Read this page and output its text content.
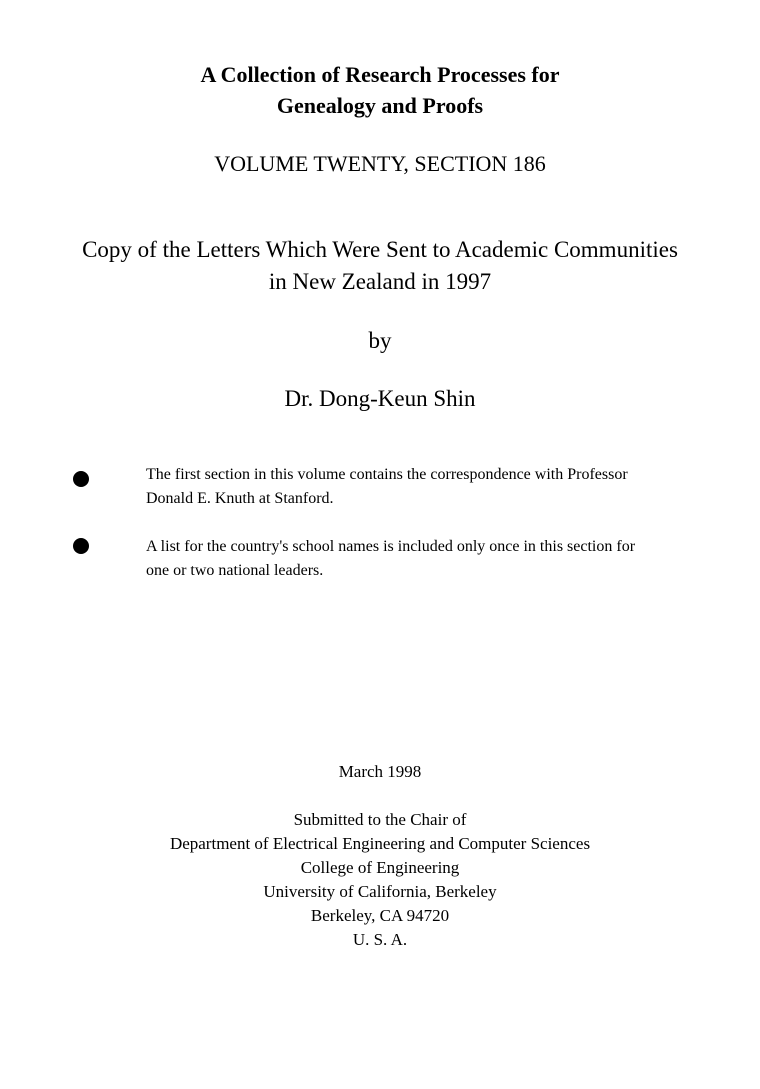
A Collection of Research Processes for
Genealogy and Proofs
VOLUME TWENTY, SECTION 186
Copy of the Letters Which Were Sent to Academic Communities
in New Zealand in 1997
by
Dr. Dong-Keun Shin
The first section in this volume contains the correspondence with Professor
Donald E. Knuth at Stanford.
A list for the country's school names is included only once in this section for
one or two national leaders.
March 1998
Submitted to the Chair of
Department of Electrical Engineering and Computer Sciences
College of Engineering
University of California, Berkeley
Berkeley, CA 94720
U. S. A.
